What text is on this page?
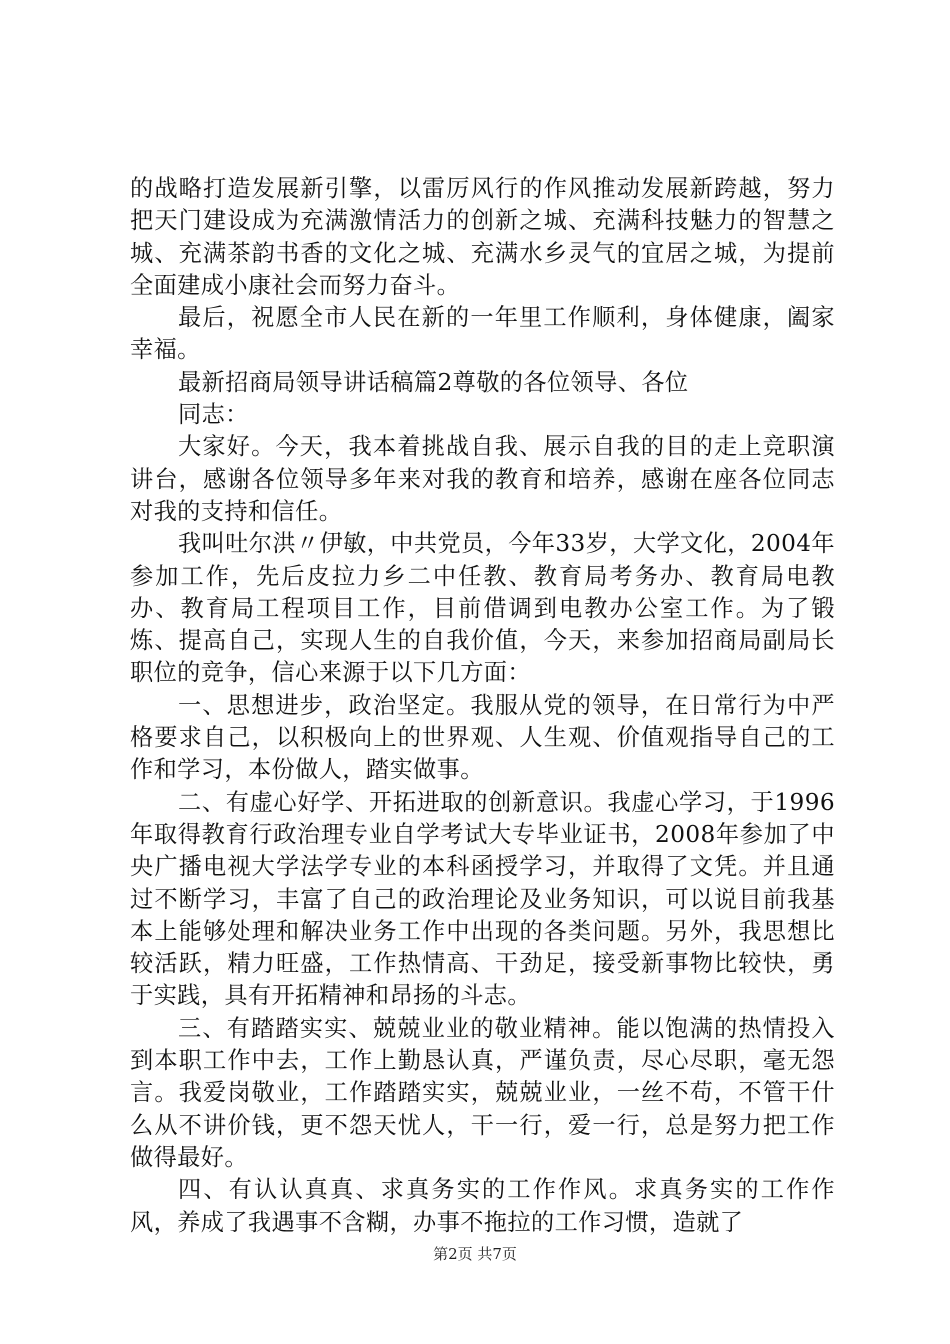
的战略打造发展新引擎，以雷厉风行的作风推动发展新跨越，努力把天门建设成为充满激情活力的创新之城、充满科技魅力的智慧之城、充满茶韵书香的文化之城、充满水乡灵气的宜居之城，为提前全面建成小康社会而努力奋斗。

最后，祝愿全市人民在新的一年里工作顺利，身体健康，阖家幸福。

最新招商局领导讲话稿篇2尊敬的各位领导、各位

同志：

大家好。今天，我本着挑战自我、展示自我的目的走上竞职演讲台，感谢各位领导多年来对我的教育和培养，感谢在座各位同志对我的支持和信任。

我叫吐尔洪〃伊敏，中共党员，今年33岁，大学文化，2004年参加工作，先后皮拉力乡二中任教、教育局考务办、教育局电教办、教育局工程项目工作，目前借调到电教办公室工作。为了锻炼、提高自己，实现人生的自我价值，今天，来参加招商局副局长职位的竞争，信心来源于以下几方面：

一、思想进步，政治坚定。我服从党的领导，在日常行为中严格要求自己，以积极向上的世界观、人生观、价值观指导自己的工作和学习，本份做人，踏实做事。

二、有虚心好学、开拓进取的创新意识。我虚心学习，于1996年取得教育行政治理专业自学考试大专毕业证书，2008年参加了中央广播电视大学法学专业的本科函授学习，并取得了文凭。并且通过不断学习，丰富了自己的政治理论及业务知识，可以说目前我基本上能够处理和解决业务工作中出现的各类问题。另外，我思想比较活跃，精力旺盛，工作热情高、干劲足，接受新事物比较快，勇于实践，具有开拓精神和昂扬的斗志。

三、有踏踏实实、兢兢业业的敬业精神。能以饱满的热情投入到本职工作中去，工作上勤恳认真，严谨负责，尽心尽职，毫无怨言。我爱岗敬业，工作踏踏实实，兢兢业业，一丝不苟，不管干什么从不讲价钱，更不怨天忧人，干一行，爱一行，总是努力把工作做得最好。

四、有认认真真、求真务实的工作作风。求真务实的工作作风，养成了我遇事不含糊，办事不拖拉的工作习惯，造就了

第2页 共7页
